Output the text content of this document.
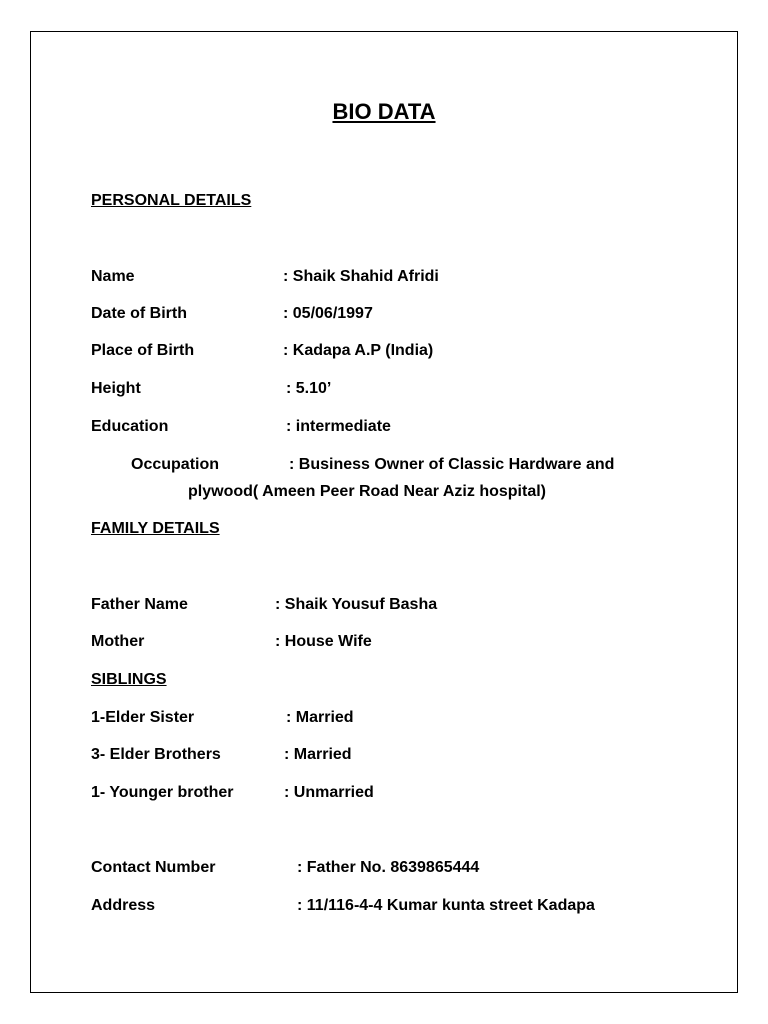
BIO DATA
PERSONAL DETAILS
Name	: Shaik Shahid Afridi
Date of Birth	: 05/06/1997
Place of Birth	: Kadapa A.P (India)
Height	: 5.10’
Education	: intermediate
Occupation	: Business Owner of Classic Hardware and
plywood( Ameen Peer Road Near Aziz hospital)
FAMILY DETAILS
Father Name	: Shaik Yousuf Basha
Mother	: House Wife
SIBLINGS
1-Elder Sister	: Married
3- Elder Brothers	: Married
1- Younger brother	: Unmarried
Contact Number	: Father No. 8639865444
Address	: 11/116-4-4 Kumar kunta street Kadapa
